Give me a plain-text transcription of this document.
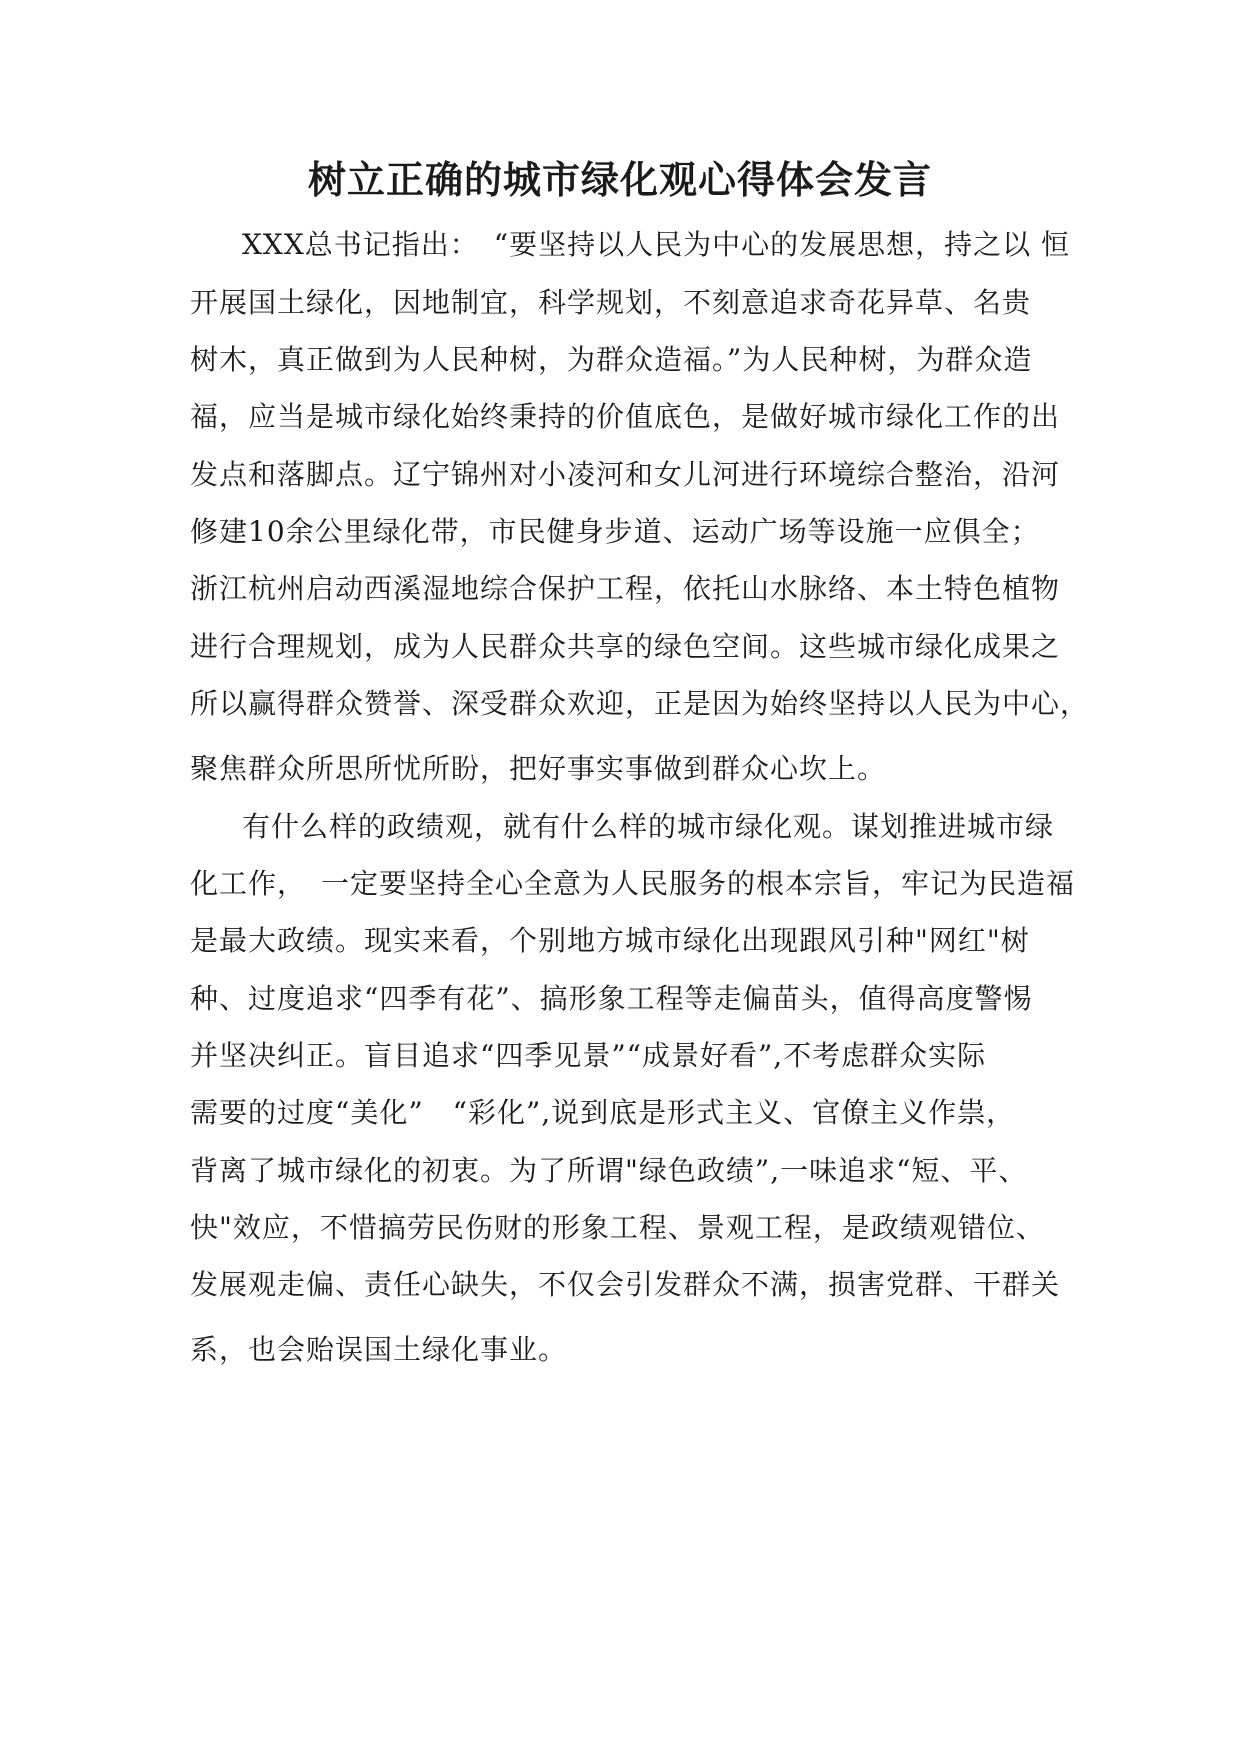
树立正确的城市绿化观心得体会发言
XXX总书记指出：　“要坚持以人民为中心的发展思想，持之以 恒
开展国土绿化，因地制宜，科学规划，不刻意追求奇花异草、名贵
树木，真正做到为人民种树，为群众造福。”为人民种树，为群众造
福，应当是城市绿化始终秉持的价值底色，是做好城市绿化工作的出
发点和落脚点。辽宁锦州对小凌河和女儿河进行环境综合整治，沿河
修建10余公里绿化带，市民健身步道、运动广场等设施一应俱全；
浙江杭州启动西溪湿地综合保护工程，依托山水脉络、本土特色植物
进行合理规划，成为人民群众共享的绿色空间。这些城市绿化成果之
所以赢得群众赞誉、深受群众欢迎，正是因为始终坚持以人民为中心，
聚焦群众所思所忧所盼，把好事实事做到群众心坎上。
有什么样的政绩观，就有什么样的城市绿化观。谋划推进城市绿
化工作，　一定要坚持全心全意为人民服务的根本宗旨，牢记为民造福
是最大政绩。现实来看，个别地方城市绿化出现跟风引种"网红"树
种、过度追求“四季有花”、搞形象工程等走偏苗头，值得高度警惕
并坚决纠正。盲目追求“四季见景”“成景好看”,不考虑群众实际
需要的过度“美化”　“彩化”,说到底是形式主义、官僚主义作祟，
背离了城市绿化的初衷。为了所谓"绿色政绩”,一味追求“短、平、
快"效应，不惜搞劳民伤财的形象工程、景观工程，是政绩观错位、
发展观走偏、责任心缺失，不仅会引发群众不满，损害党群、干群关
系，也会贻误国土绿化事业。
